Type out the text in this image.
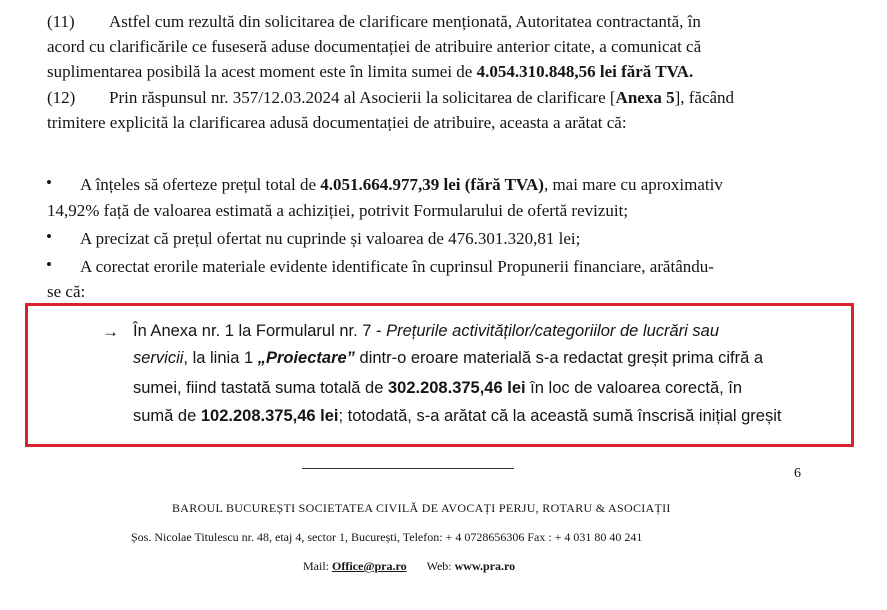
(11) Astfel cum rezultă din solicitarea de clarificare menționată, Autoritatea contractantă, în
acord cu clarificările ce fuseseră aduse documentației de atribuire anterior citate, a comunicat că
suplimentarea posibilă la acest moment este în limita sumei de 4.054.310.848,56 lei fără TVA.
(12) Prin răspunsul nr. 357/12.03.2024 al Asocierii la solicitarea de clarificare [Anexa 5], făcând
trimitere explicită la clarificarea adusă documentației de atribuire, aceasta a arătat că:
• A înțeles să oferteze prețul total de 4.051.664.977,39 lei (fără TVA), mai mare cu aproximativ
14,92% față de valoarea estimată a achiziției, potrivit Formularului de ofertă revizuit;
• A precizat că prețul ofertat nu cuprinde și valoarea de 476.301.320,81 lei;
• A corectat erorile materiale evidente identificate în cuprinsul Propunerii financiare, arătându-
se că:
→ În Anexa nr. 1 la Formularul nr. 7 - Prețurile activităților/categoriilor de lucrări sau
servicii, la linia 1 „Proiectare” dintr-o eroare materială s-a redactat greșit prima cifră a
sumei, fiind tastată suma totală de 302.208.375,46 lei în loc de valoarea corectă, în
sumă de 102.208.375,46 lei; totodată, s-a arătat că la această sumă înscrisă inițial greșit
6
BAROUL BUCUREȘTI SOCIETATEA CIVILĂ DE AVOCAȚI PERJU, ROTARU & ASOCIAȚII
Șos. Nicolae Titulescu nr. 48, etaj 4, sector 1, București, Telefon: + 4 0728656306 Fax : + 4 031 80 40 241
Mail: Office@pra.ro Web: www.pra.ro
